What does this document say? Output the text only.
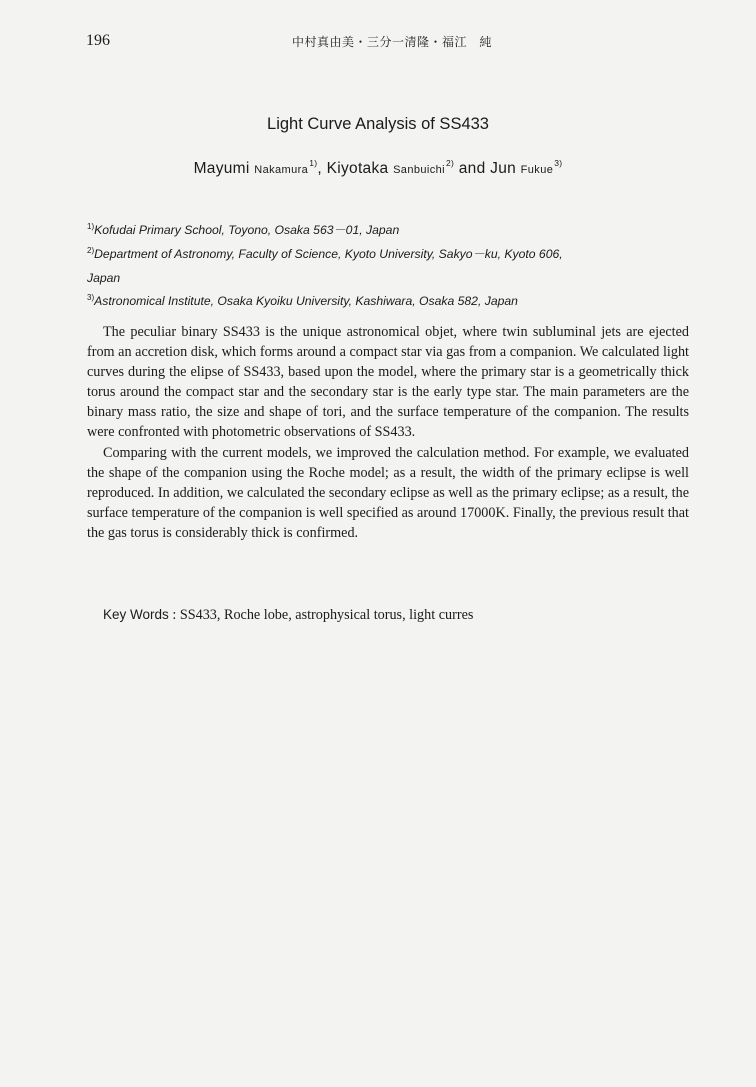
196	中村真由美・三分一清隆・福江　純
Light Curve Analysis of SS433
Mayumi Nakamura$^{1)}$, Kiyotaka Sanbuichi$^{2)}$ and Jun Fukue$^{3)}$
$^{1)}$Kofudai Primary School, Toyono, Osaka 563－01, Japan
$^{2)}$Department of Astronomy, Faculty of Science, Kyoto University, Sakyo－ku, Kyoto 606,
Japan
$^{3)}$Astronomical Institute, Osaka Kyoiku University, Kashiwara, Osaka 582, Japan

The peculiar binary SS433 is the unique astronomical objet, where twin subluminal jets are ejected from an accretion disk, which forms around a compact star via gas from a companion. We calculated light curves during the elipse of SS433, based upon the model, where the primary star is a geometrically thick torus around the compact star and the secondary star is the early type star. The main parameters are the binary mass ratio, the size and shape of tori, and the surface temperature of the companion. The results were confronted with photometric observations of SS433.

Comparing with the current models, we improved the calculation method. For example, we evaluated the shape of the companion using the Roche model; as a result, the width of the primary eclipse is well reproduced. In addition, we calculated the secondary eclipse as well as the primary eclipse; as a result, the surface temperature of the companion is well specified as around 17000K. Finally, the previous result that the gas torus is considerably thick is confirmed.

Key Words : SS433, Roche lobe, astrophysical torus, light curres
